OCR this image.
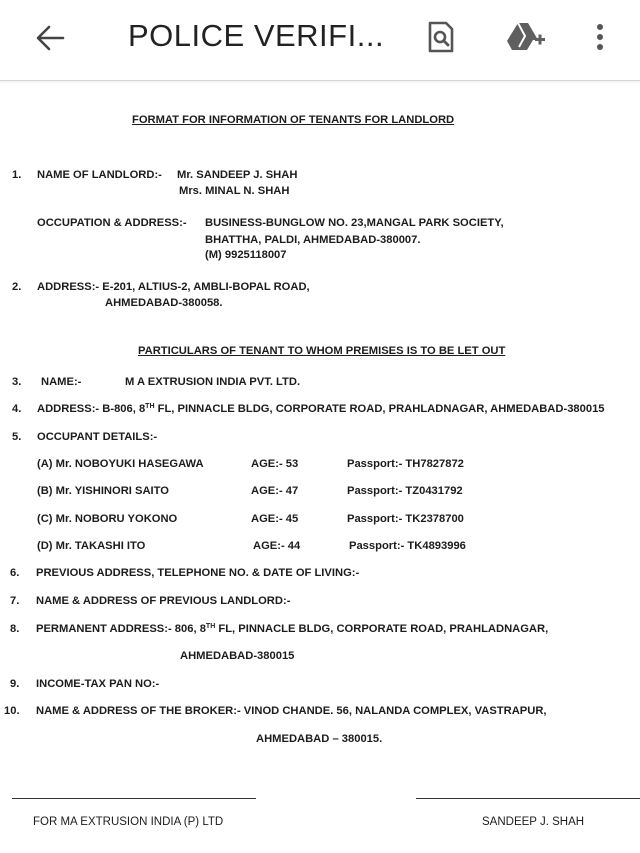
POLICE VERIFI...
FORMAT FOR INFORMATION OF TENANTS FOR LANDLORD
1. NAME OF LANDLORD:- Mr. SANDEEP J. SHAH
Mrs. MINAL N. SHAH
OCCUPATION & ADDRESS:- BUSINESS-BUNGLOW NO. 23,MANGAL PARK SOCIETY,
BHATTHA, PALDI, AHMEDABAD-380007.
(M) 9925118007
2. ADDRESS:- E-201, ALTIUS-2, AMBLI-BOPAL ROAD,
AHMEDABAD-380058.
PARTICULARS OF TENANT TO WHOM PREMISES IS TO BE LET OUT
3. NAME:-	M A EXTRUSION INDIA PVT. LTD.
4. ADDRESS:- B-806, 8TH FL, PINNACLE BLDG, CORPORATE ROAD, PRAHLADNAGAR, AHMEDABAD-380015
5. OCCUPANT DETAILS:-
(A) Mr. NOBOYUKI HASEGAWA	AGE:- 53	Passport:- TH7827872
(B) Mr. YISHINORI SAITO	AGE:- 47	Passport:- TZ0431792
(C) Mr. NOBORU YOKONO	AGE:- 45	Passport:- TK2378700
(D) Mr. TAKASHI ITO	AGE:- 44	Passport:- TK4893996
6. PREVIOUS ADDRESS, TELEPHONE NO. & DATE OF LIVING:-
7. NAME & ADDRESS OF PREVIOUS LANDLORD:-
8. PERMANENT ADDRESS:- 806, 8TH FL, PINNACLE BLDG, CORPORATE ROAD, PRAHLADNAGAR,
AHMEDABAD-380015
9. INCOME-TAX PAN NO:-
10. NAME & ADDRESS OF THE BROKER:- VINOD CHANDE. 56, NALANDA COMPLEX, VASTRAPUR,
AHMEDABAD – 380015.
FOR MA EXTRUSION INDIA (P) LTD	SANDEEP J. SHAH
